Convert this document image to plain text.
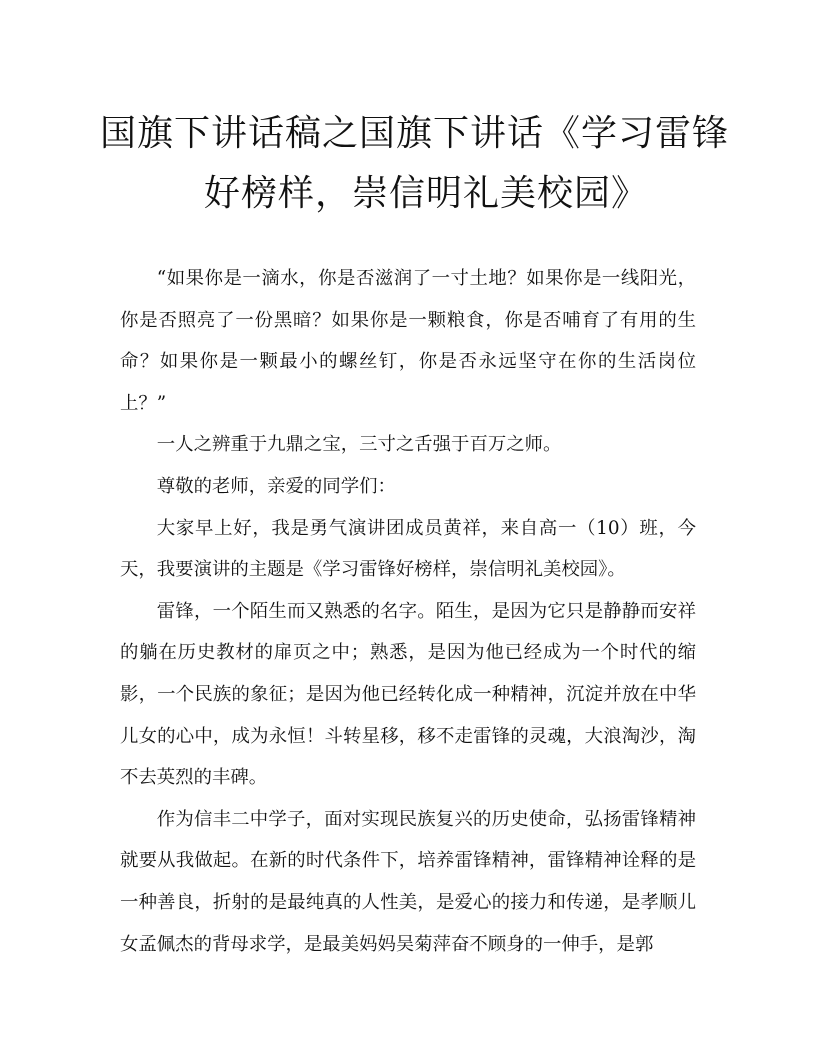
国旗下讲话稿之国旗下讲话《学习雷锋
好榜样，崇信明礼美校园》

“如果你是一滴水，你是否滋润了一寸土地？如果你是一线阳光，你是否照亮了一份黑暗？如果你是一颗粮食，你是否哺育了有用的生命？如果你是一颗最小的螺丝钉，你是否永远坚守在你的生活岗位上？”

一人之辨重于九鼎之宝，三寸之舌强于百万之师。

尊敬的老师，亲爱的同学们：

大家早上好，我是勇气演讲团成员黄祥，来自高一（10）班，今天，我要演讲的主题是《学习雷锋好榜样，崇信明礼美校园》。

雷锋，一个陌生而又熟悉的名字。陌生，是因为它只是静静而安祥的躺在历史教材的扉页之中；熟悉，是因为他已经成为一个时代的缩影，一个民族的象征；是因为他已经转化成一种精神，沉淀并放在中华儿女的心中，成为永恒！斗转星移，移不走雷锋的灵魂，大浪淘沙，淘不去英烈的丰碑。

作为信丰二中学子，面对实现民族复兴的历史使命，弘扬雷锋精神就要从我做起。在新的时代条件下，培养雷锋精神，雷锋精神诠释的是一种善良，折射的是最纯真的人性美，是爱心的接力和传递，是孝顺儿女孟佩杰的背母求学，是最美妈妈吴菊萍奋不顾身的一伸手，是郭
